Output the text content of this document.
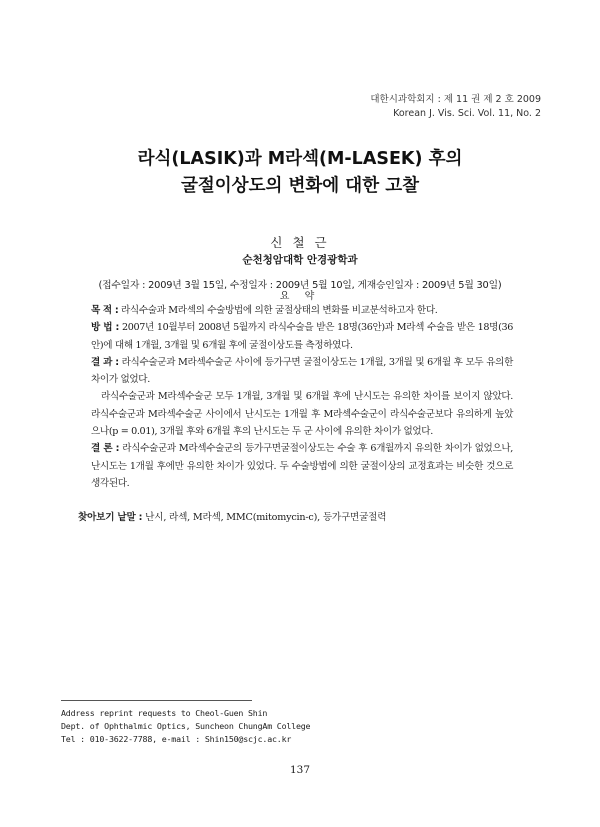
대한시과학회지 : 제 11 권 제 2 호 2009
Korean J. Vis. Sci. Vol. 11, No. 2
라식(LASIK)과 M라섹(M-LASEK) 후의
굴절이상도의 변화에 대한 고찰
신 철 근
순천청암대학 안경광학과
(접수일자 : 2009년 3월 15일, 수정일자 : 2009년 5월 10일, 게재승인일자 : 2009년 5월 30일)
요 약

목 적 : 라식수술과 M라섹의 수술방법에 의한 굴절상태의 변화를 비교분석하고자 한다.

방 법 : 2007년 10월부터 2008년 5월까지 라식수술을 받은 18명(36안)과 M라섹 수술을 받은 18명(36안)에 대해 1개월, 3개월 및 6개월 후에 굴절이상도를 측정하였다.

결 과 : 라식수술군과 M라섹수술군 사이에 등가구면 굴절이상도는 1개월, 3개월 및 6개월 후 모두 유의한 차이가 없었다.

라식수술군과 M라섹수술군 모두 1개월, 3개월 및 6개월 후에 난시도는 유의한 차이를 보이지 않았다. 라식수술군과 M라섹수술군 사이에서 난시도는 1개월 후 M라섹수술군이 라식수술군보다 유의하게 높았으나(p = 0.01), 3개월 후와 6개월 후의 난시도는 두 군 사이에 유의한 차이가 없었다.

결 론 : 라식수술군과 M라섹수술군의 등가구면굴절이상도는 수술 후 6개월까지 유의한 차이가 없었으나, 난시도는 1개월 후에만 유의한 차이가 있었다. 두 수술방법에 의한 굴절이상의 교정효과는 비슷한 것으로 생각된다.

찾아보기 낱말 : 난시, 라섹, M라섹, MMC(mitomycin-c), 등가구면굴절력
Address reprint requests to Cheol-Guen Shin
Dept. of Ophthalmic Optics, Suncheon ChungAm College
Tel : 010-3622-7788, e-mail : Shin150@scjc.ac.kr
137
